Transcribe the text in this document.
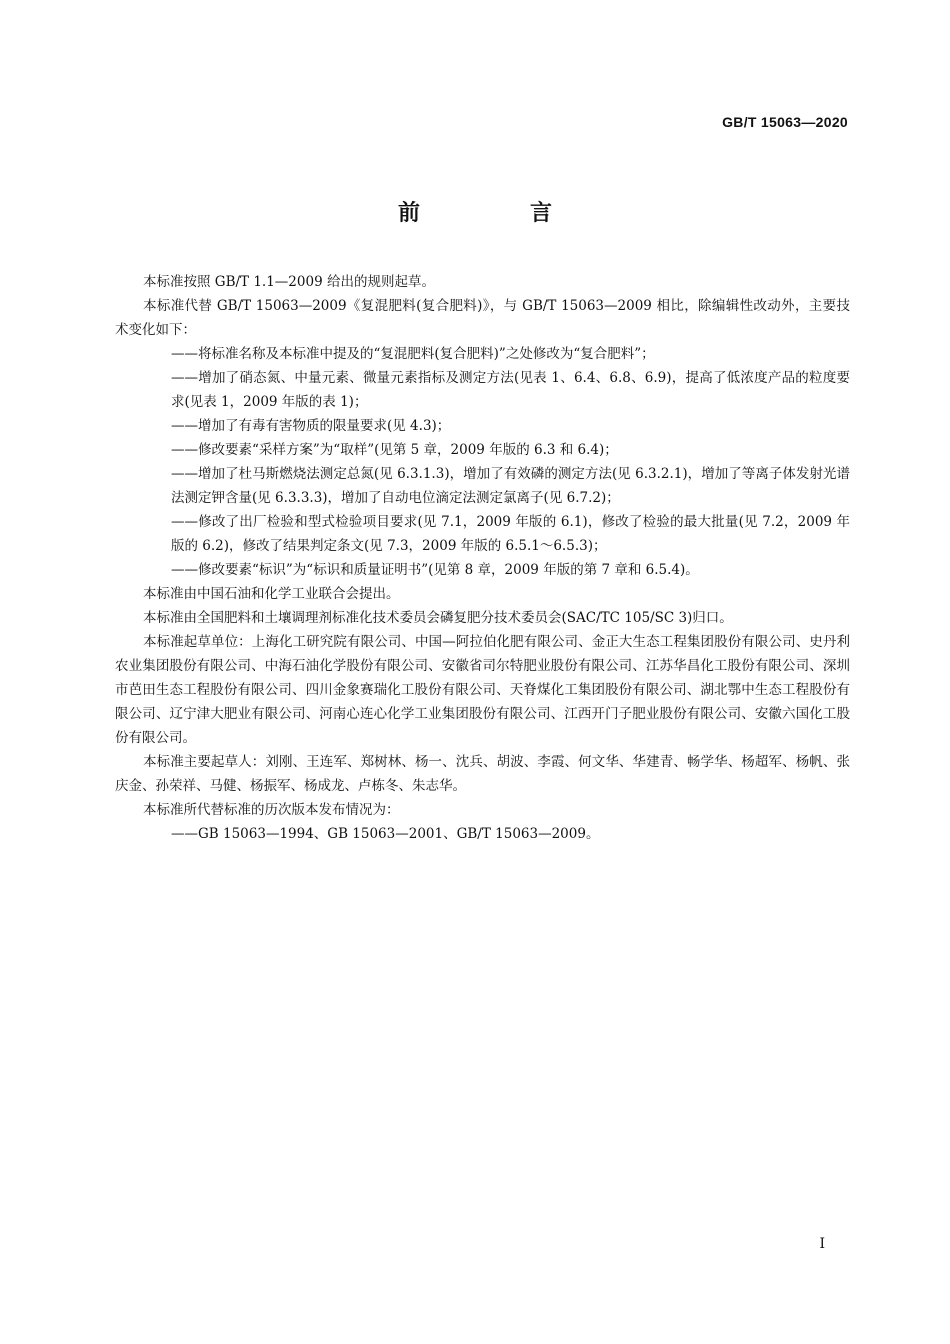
GB/T 15063—2020
前　言

本标准按照 GB/T 1.1—2009 给出的规则起草。

本标准代替 GB/T 15063—2009《复混肥料(复合肥料)》，与 GB/T 15063—2009 相比，除编辑性改动外，主要技术变化如下：

——将标准名称及本标准中提及的“复混肥料(复合肥料)”之处修改为“复合肥料”；

——增加了硝态氮、中量元素、微量元素指标及测定方法(见表 1、6.4、6.8、6.9)，提高了低浓度产品的粒度要求(见表 1，2009 年版的表 1)；

——增加了有毒有害物质的限量要求(见 4.3)；

——修改要素“采样方案”为“取样”(见第 5 章，2009 年版的 6.3 和 6.4)；

——增加了杜马斯燃烧法测定总氮(见 6.3.1.3)，增加了有效磷的测定方法(见 6.3.2.1)，增加了等离子体发射光谱法测定钾含量(见 6.3.3.3)，增加了自动电位滴定法测定氯离子(见 6.7.2)；

——修改了出厂检验和型式检验项目要求(见 7.1，2009 年版的 6.1)，修改了检验的最大批量(见 7.2，2009 年版的 6.2)，修改了结果判定条文(见 7.3，2009 年版的 6.5.1～6.5.3)；

——修改要素“标识”为“标识和质量证明书”(见第 8 章，2009 年版的第 7 章和 6.5.4)。

本标准由中国石油和化学工业联合会提出。

本标准由全国肥料和土壤调理剂标准化技术委员会磷复肥分技术委员会(SAC/TC 105/SC 3)归口。

本标准起草单位：上海化工研究院有限公司、中国—阿拉伯化肥有限公司、金正大生态工程集团股份有限公司、史丹利农业集团股份有限公司、中海石油化学股份有限公司、安徽省司尔特肥业股份有限公司、江苏华昌化工股份有限公司、深圳市芭田生态工程股份有限公司、四川金象赛瑞化工股份有限公司、天脊煤化工集团股份有限公司、湖北鄂中生态工程股份有限公司、辽宁津大肥业有限公司、河南心连心化学工业集团股份有限公司、江西开门子肥业股份有限公司、安徽六国化工股份有限公司。

本标准主要起草人：刘刚、王连军、郑树林、杨一、沈兵、胡波、李霞、何文华、华建青、畅学华、杨超军、杨帆、张庆金、孙荣祥、马健、杨振军、杨成龙、卢栋冬、朱志华。

本标准所代替标准的历次版本发布情况为：

——GB 15063—1994、GB 15063—2001、GB/T 15063—2009。

I
